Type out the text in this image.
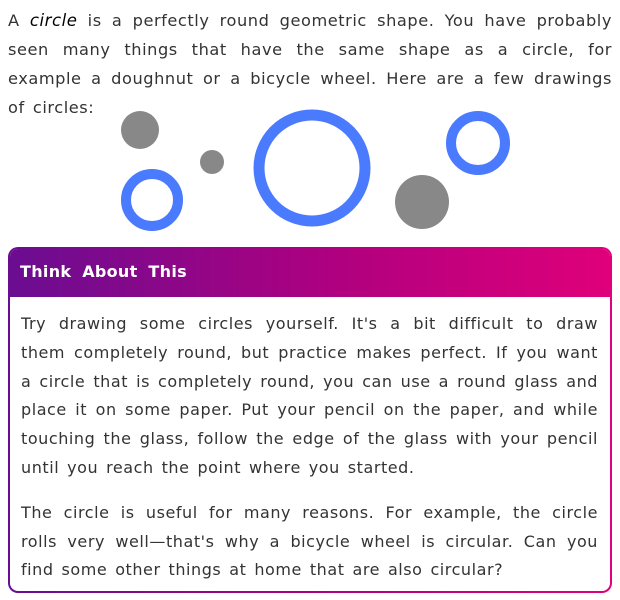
A circle is a perfectly round geometric shape. You have probably seen many things that have the same shape as a circle, for example a doughnut or a bicycle wheel. Here are a few drawings of circles:

Think About This

Try drawing some circles yourself. It's a bit difficult to draw them completely round, but practice makes perfect. If you want a circle that is completely round, you can use a round glass and place it on some paper. Put your pencil on the paper, and while touching the glass, follow the edge of the glass with your pencil until you reach the point where you started.

The circle is useful for many reasons. For example, the circle rolls very well—that's why a bicycle wheel is circular. Can you find some other things at home that are also circular?
